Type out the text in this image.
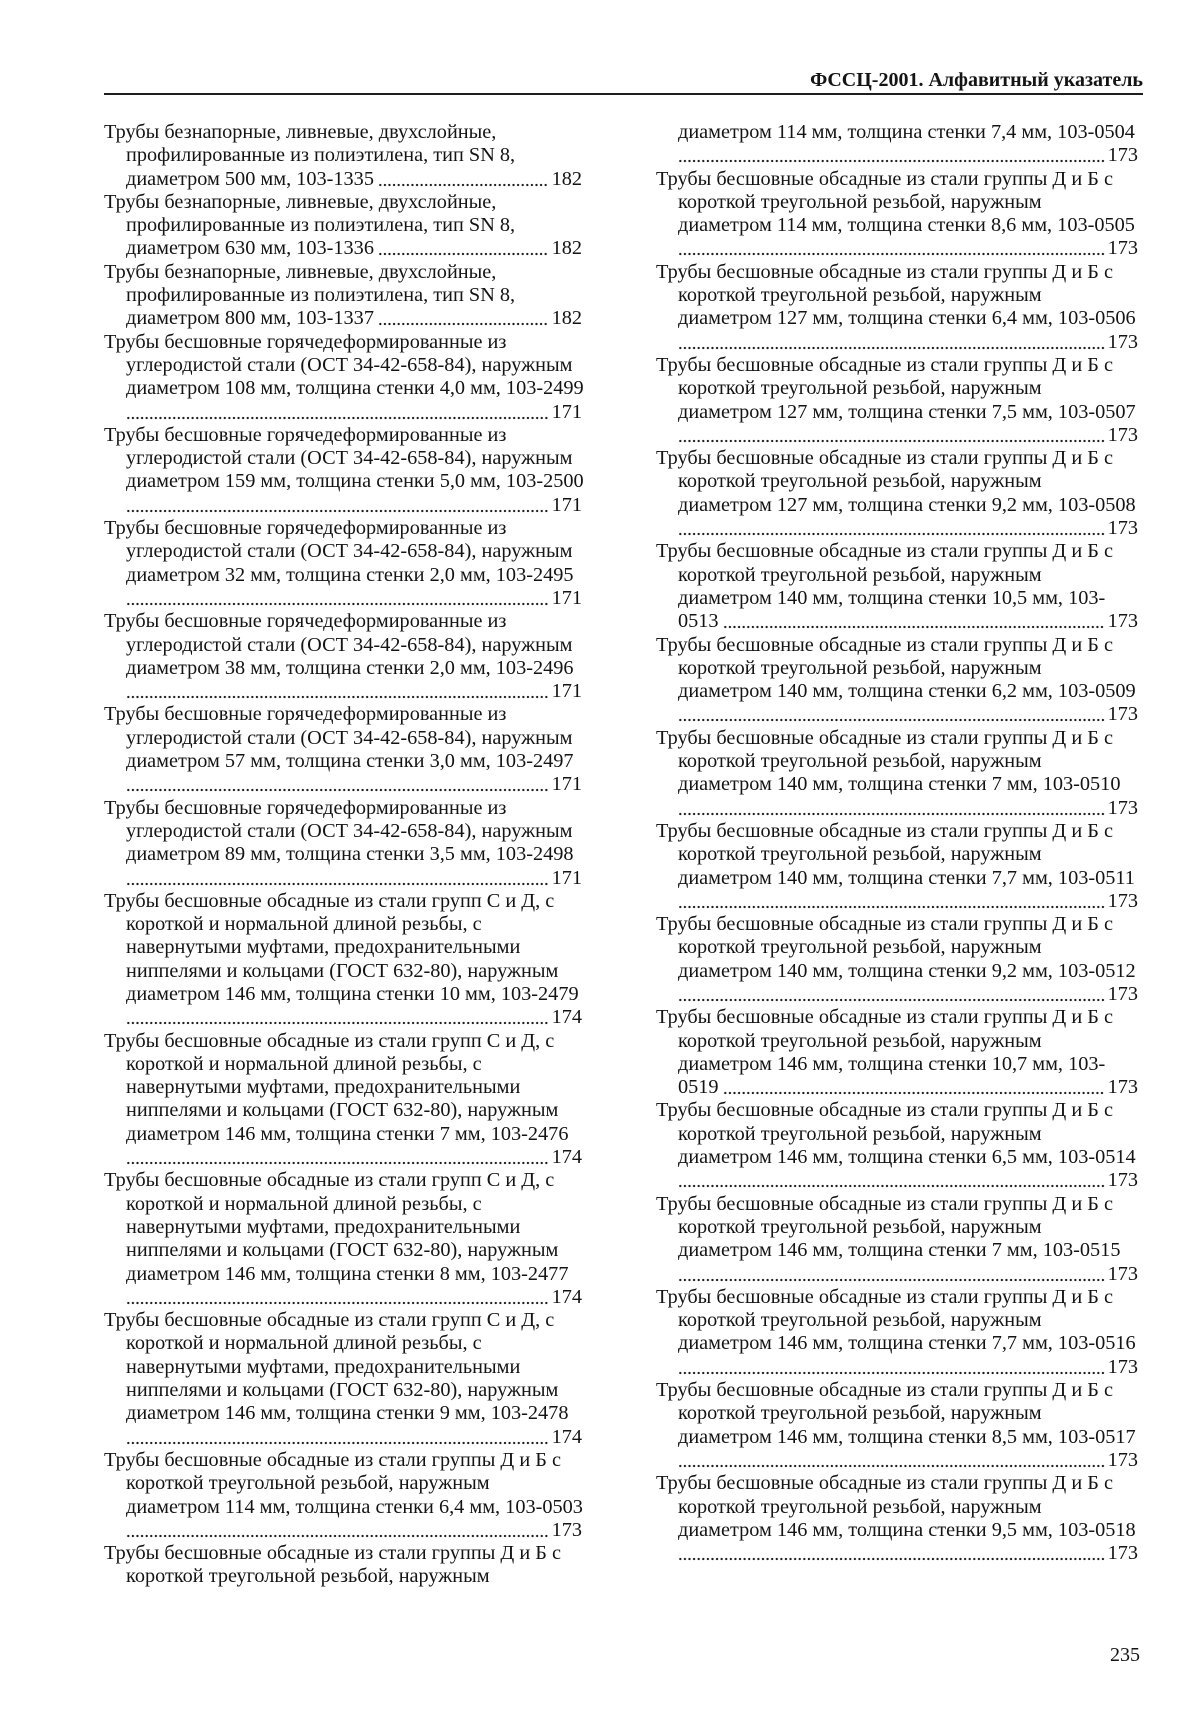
ФССЦ-2001. Алфавитный указатель
Трубы безнапорные, ливневые, двухслойные,
профилированные из полиэтилена, тип SN 8,
диаметром 500 мм, 103-1335	182
Трубы безнапорные, ливневые, двухслойные,
профилированные из полиэтилена, тип SN 8,
диаметром 630 мм, 103-1336	182
Трубы безнапорные, ливневые, двухслойные,
профилированные из полиэтилена, тип SN 8,
диаметром 800 мм, 103-1337	182
Трубы бесшовные горячедеформированные из
углеродистой стали (ОСТ 34-42-658-84), наружным
диаметром 108 мм, толщина стенки 4,0 мм, 103-2499
171
Трубы бесшовные горячедеформированные из
углеродистой стали (ОСТ 34-42-658-84), наружным
диаметром 159 мм, толщина стенки 5,0 мм, 103-2500
171
Трубы бесшовные горячедеформированные из
углеродистой стали (ОСТ 34-42-658-84), наружным
диаметром 32 мм, толщина стенки 2,0 мм, 103-2495
171
Трубы бесшовные горячедеформированные из
углеродистой стали (ОСТ 34-42-658-84), наружным
диаметром 38 мм, толщина стенки 2,0 мм, 103-2496
171
Трубы бесшовные горячедеформированные из
углеродистой стали (ОСТ 34-42-658-84), наружным
диаметром 57 мм, толщина стенки 3,0 мм, 103-2497
171
Трубы бесшовные горячедеформированные из
углеродистой стали (ОСТ 34-42-658-84), наружным
диаметром 89 мм, толщина стенки 3,5 мм, 103-2498
171
Трубы бесшовные обсадные из стали групп С и Д, с
короткой и нормальной длиной резьбы, с
навернутыми муфтами, предохранительными
ниппелями и кольцами (ГОСТ 632-80), наружным
диаметром 146 мм, толщина стенки 10 мм, 103-2479
174
Трубы бесшовные обсадные из стали групп С и Д, с
короткой и нормальной длиной резьбы, с
навернутыми муфтами, предохранительными
ниппелями и кольцами (ГОСТ 632-80), наружным
диаметром 146 мм, толщина стенки 7 мм, 103-2476
174
Трубы бесшовные обсадные из стали групп С и Д, с
короткой и нормальной длиной резьбы, с
навернутыми муфтами, предохранительными
ниппелями и кольцами (ГОСТ 632-80), наружным
диаметром 146 мм, толщина стенки 8 мм, 103-2477
174
Трубы бесшовные обсадные из стали групп С и Д, с
короткой и нормальной длиной резьбы, с
навернутыми муфтами, предохранительными
ниппелями и кольцами (ГОСТ 632-80), наружным
диаметром 146 мм, толщина стенки 9 мм, 103-2478
174
Трубы бесшовные обсадные из стали группы Д и Б с
короткой треугольной резьбой, наружным
диаметром 114 мм, толщина стенки 6,4 мм, 103-0503
173
Трубы бесшовные обсадные из стали группы Д и Б с
короткой треугольной резьбой, наружным
диаметром 114 мм, толщина стенки 7,4 мм, 103-0504
173
Трубы бесшовные обсадные из стали группы Д и Б с
короткой треугольной резьбой, наружным
диаметром 114 мм, толщина стенки 8,6 мм, 103-0505
173
Трубы бесшовные обсадные из стали группы Д и Б с
короткой треугольной резьбой, наружным
диаметром 127 мм, толщина стенки 6,4 мм, 103-0506
173
Трубы бесшовные обсадные из стали группы Д и Б с
короткой треугольной резьбой, наружным
диаметром 127 мм, толщина стенки 7,5 мм, 103-0507
173
Трубы бесшовные обсадные из стали группы Д и Б с
короткой треугольной резьбой, наружным
диаметром 127 мм, толщина стенки 9,2 мм, 103-0508
173
Трубы бесшовные обсадные из стали группы Д и Б с
короткой треугольной резьбой, наружным
диаметром 140 мм, толщина стенки 10,5 мм, 103-
0513	173
Трубы бесшовные обсадные из стали группы Д и Б с
короткой треугольной резьбой, наружным
диаметром 140 мм, толщина стенки 6,2 мм, 103-0509
173
Трубы бесшовные обсадные из стали группы Д и Б с
короткой треугольной резьбой, наружным
диаметром 140 мм, толщина стенки 7 мм, 103-0510
173
Трубы бесшовные обсадные из стали группы Д и Б с
короткой треугольной резьбой, наружным
диаметром 140 мм, толщина стенки 7,7 мм, 103-0511
173
Трубы бесшовные обсадные из стали группы Д и Б с
короткой треугольной резьбой, наружным
диаметром 140 мм, толщина стенки 9,2 мм, 103-0512
173
Трубы бесшовные обсадные из стали группы Д и Б с
короткой треугольной резьбой, наружным
диаметром 146 мм, толщина стенки 10,7 мм, 103-
0519	173
Трубы бесшовные обсадные из стали группы Д и Б с
короткой треугольной резьбой, наружным
диаметром 146 мм, толщина стенки 6,5 мм, 103-0514
173
Трубы бесшовные обсадные из стали группы Д и Б с
короткой треугольной резьбой, наружным
диаметром 146 мм, толщина стенки 7 мм, 103-0515
173
Трубы бесшовные обсадные из стали группы Д и Б с
короткой треугольной резьбой, наружным
диаметром 146 мм, толщина стенки 7,7 мм, 103-0516
173
Трубы бесшовные обсадные из стали группы Д и Б с
короткой треугольной резьбой, наружным
диаметром 146 мм, толщина стенки 8,5 мм, 103-0517
173
Трубы бесшовные обсадные из стали группы Д и Б с
короткой треугольной резьбой, наружным
диаметром 146 мм, толщина стенки 9,5 мм, 103-0518
173
235
